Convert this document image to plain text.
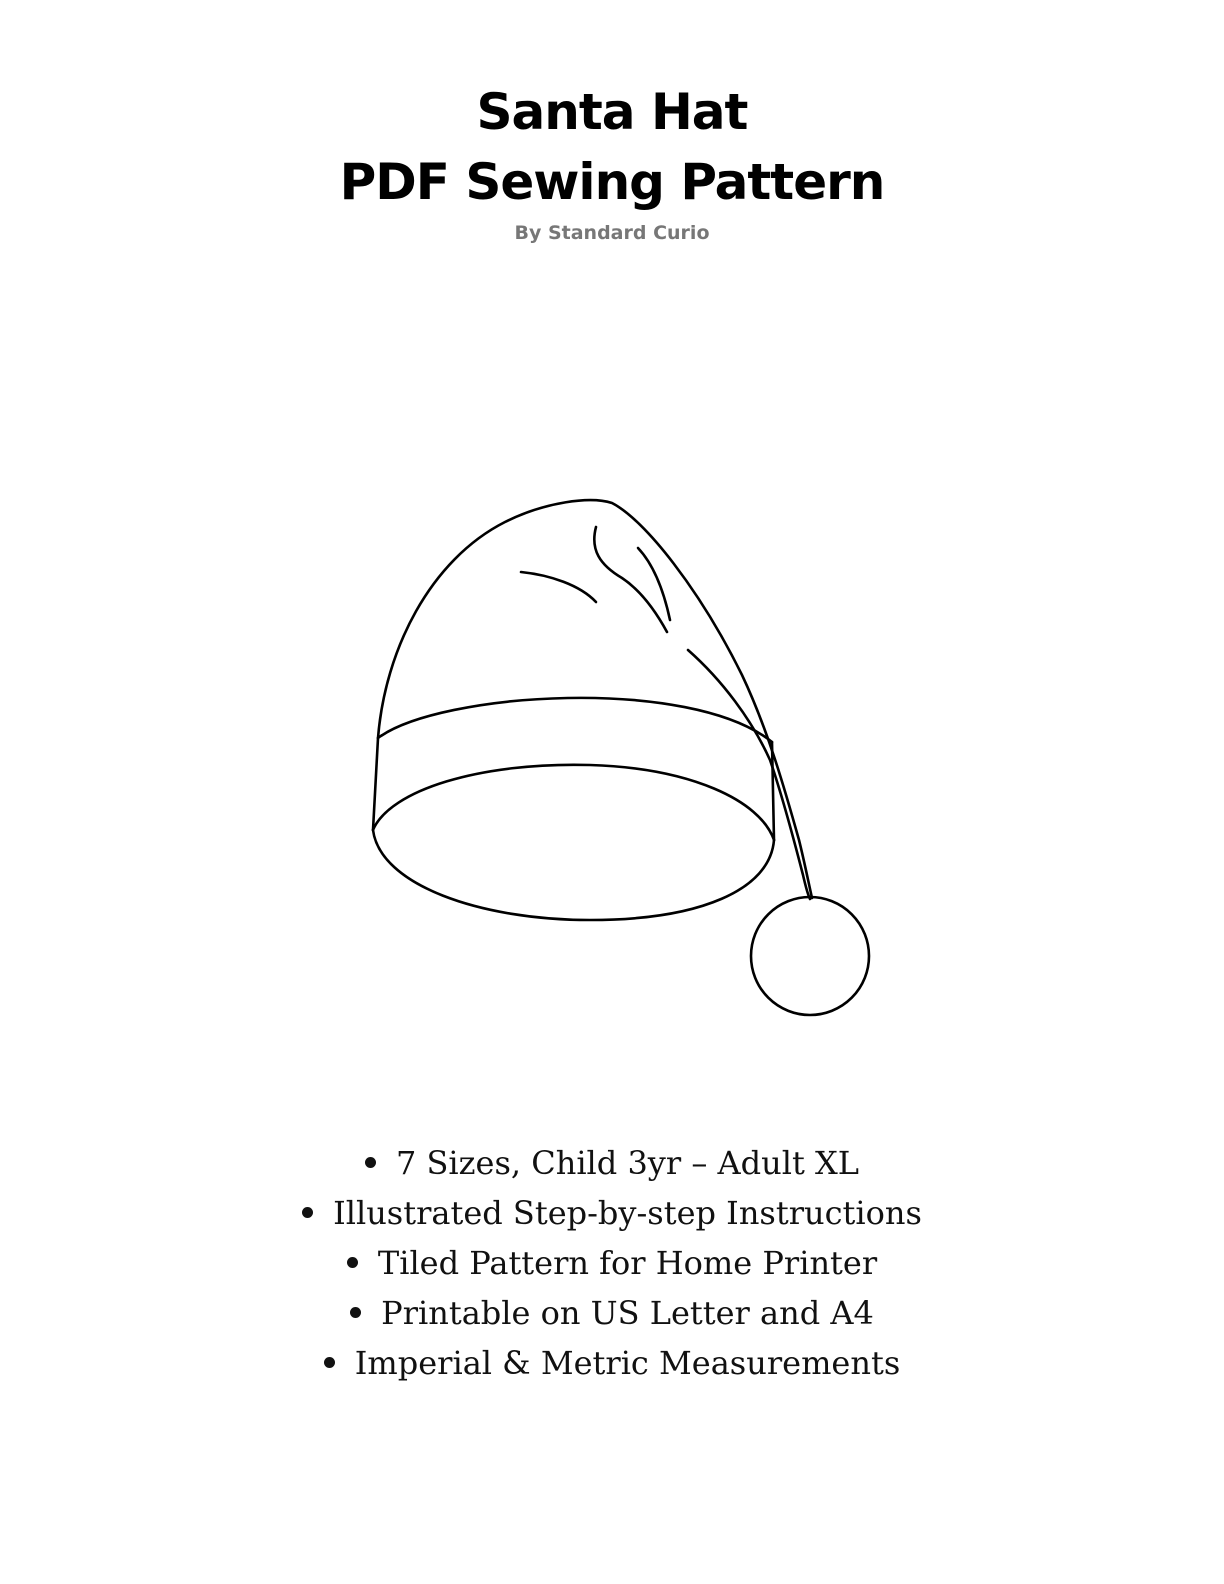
Santa Hat
PDF Sewing Pattern
By Standard Curio
7 Sizes, Child 3yr – Adult XL
Illustrated Step-by-step Instructions
Tiled Pattern for Home Printer
Printable on US Letter and A4
Imperial & Metric Measurements
